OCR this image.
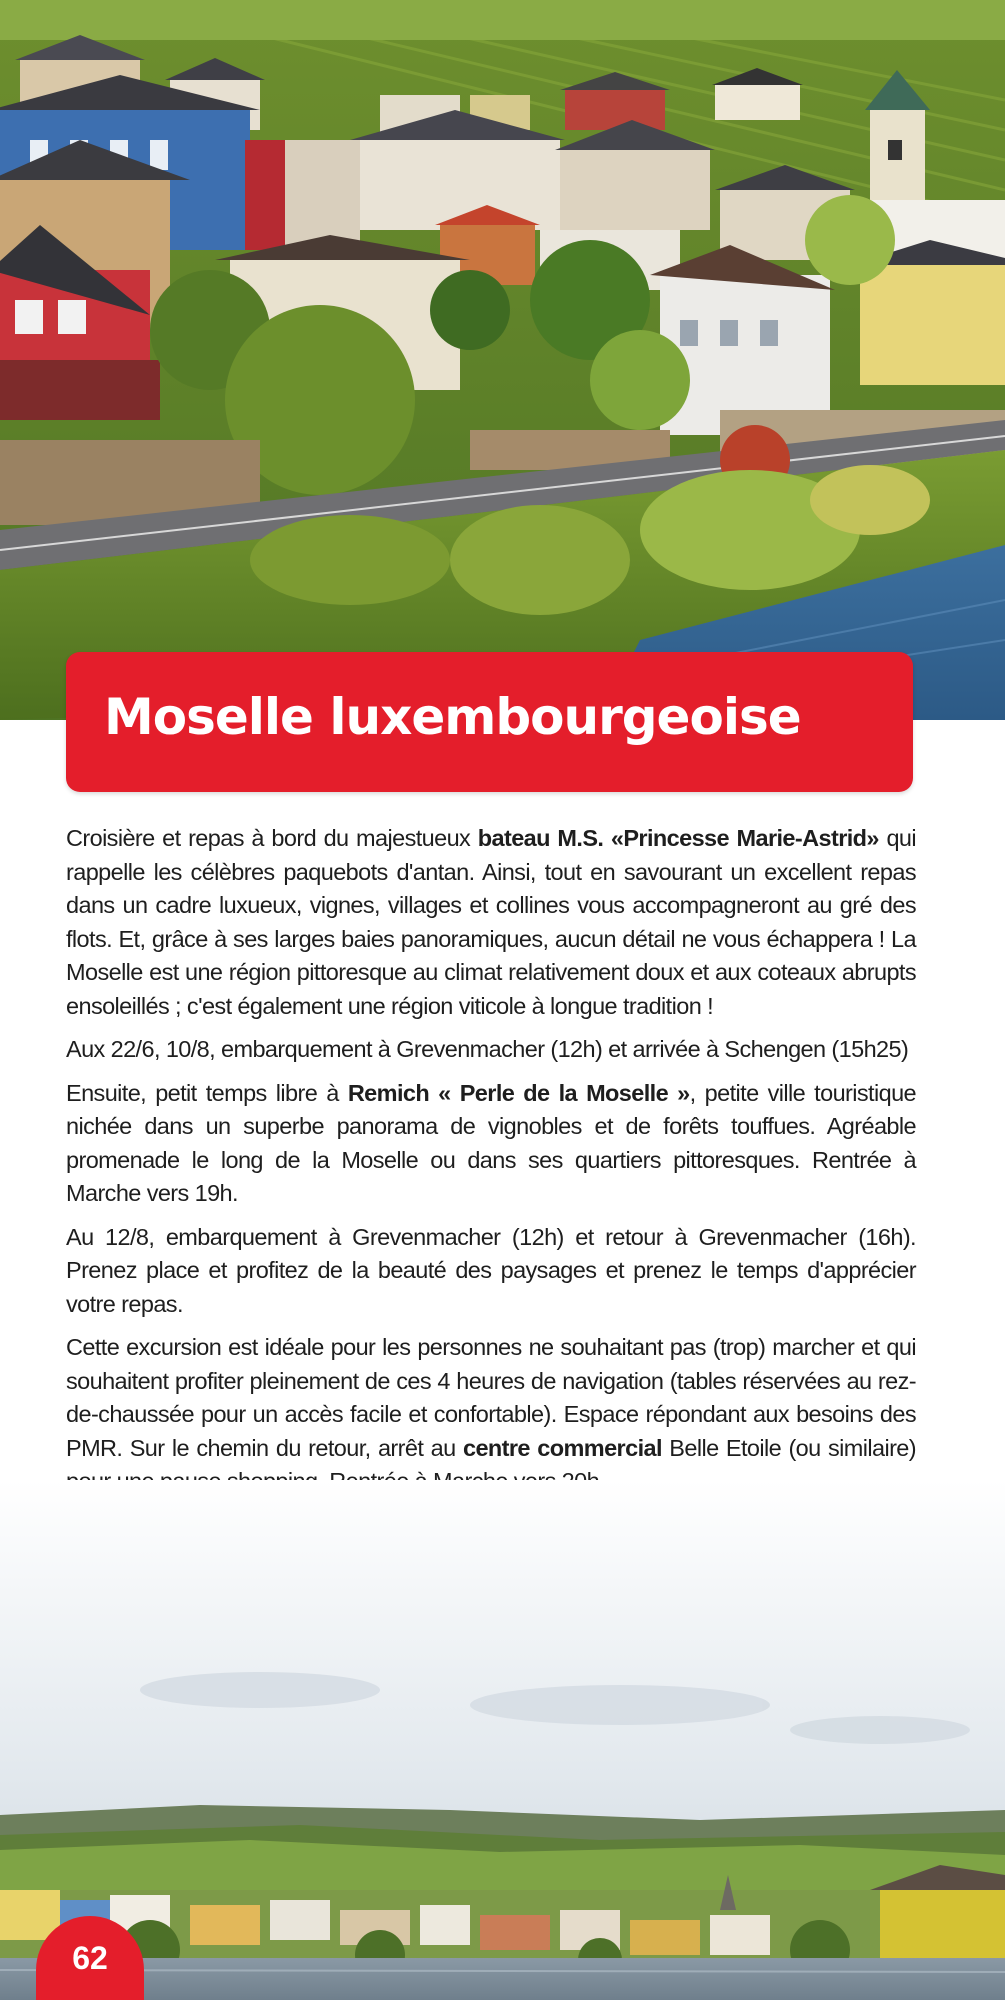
Moselle luxembourgeoise

Croisière et repas à bord du majestueux bateau M.S. «Princesse Marie-Astrid» qui rappelle les célèbres paquebots d'antan. Ainsi, tout en savourant un excellent repas dans un cadre luxueux, vignes, villages et collines vous accompagneront au gré des flots. Et, grâce à ses larges baies panoramiques, aucun détail ne vous échappera ! La Moselle est une région pittoresque au climat relativement doux et aux coteaux abrupts ensoleillés ; c'est également une région viticole à longue tradition !

Aux 22/6, 10/8, embarquement à Grevenmacher (12h) et arrivée à Schengen (15h25)

Ensuite, petit temps libre à Remich « Perle de la Moselle », petite ville touristique nichée dans un superbe panorama de vignobles et de forêts touffues. Agréable promenade le long de la Moselle ou dans ses quartiers pittoresques. Rentrée à Marche vers 19h.

Au 12/8, embarquement à Grevenmacher (12h) et retour à Grevenmacher (16h). Prenez place et profitez de la beauté des paysages et prenez le temps d'apprécier votre repas.

Cette excursion est idéale pour les personnes ne souhaitant pas (trop) marcher et qui souhaitent profiter pleinement de ces 4 heures de navigation (tables réservées au rez-de-chaussée pour un accès facile et confortable). Espace répondant aux besoins des PMR. Sur le chemin du retour, arrêt au centre commercial Belle Etoile (ou similaire)

62
